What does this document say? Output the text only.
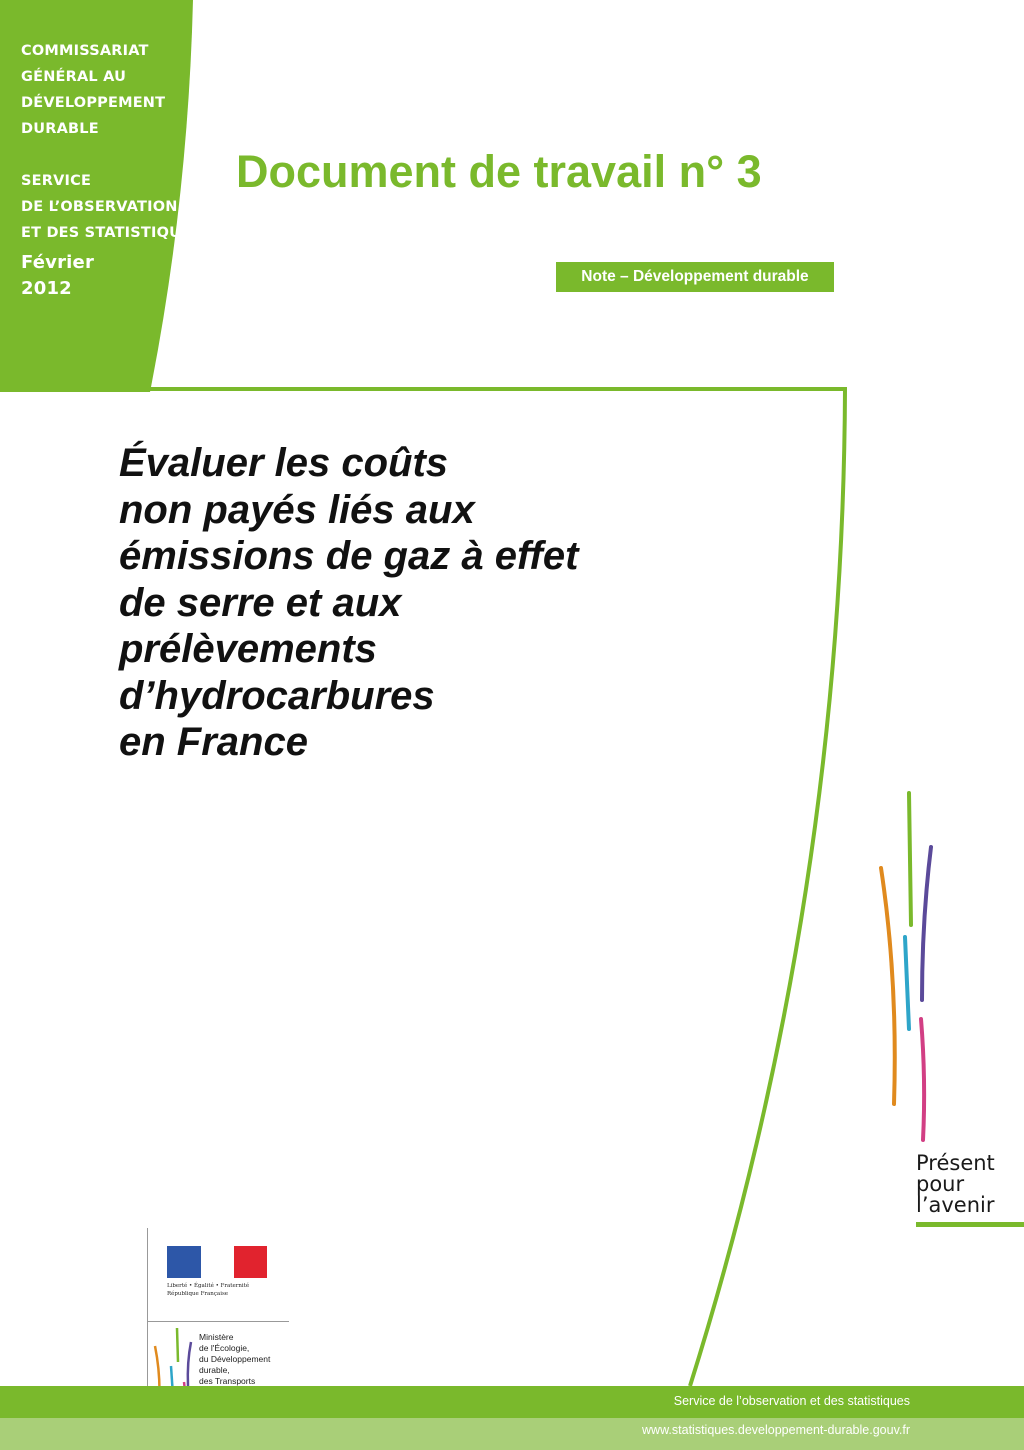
COMMISSARIAT
GÉNÉRAL AU
DÉVELOPPEMENT
DURABLE
SERVICE
DE L’OBSERVATION
ET DES STATISTIQUES
Février
2012
Document de travail n° 3
Note – Développement durable
Évaluer les coûts
non payés liés aux
émissions de gaz à effet
de serre et aux
prélèvements
d’hydrocarbures
en France
Présent
pour
l’avenir
Liberté • Égalité • Fraternité
République Française
Ministère
de l'Écologie,
du Développement
durable,
des Transports
Service de l’observation et des statistiques
www.statistiques.developpement-durable.gouv.fr
